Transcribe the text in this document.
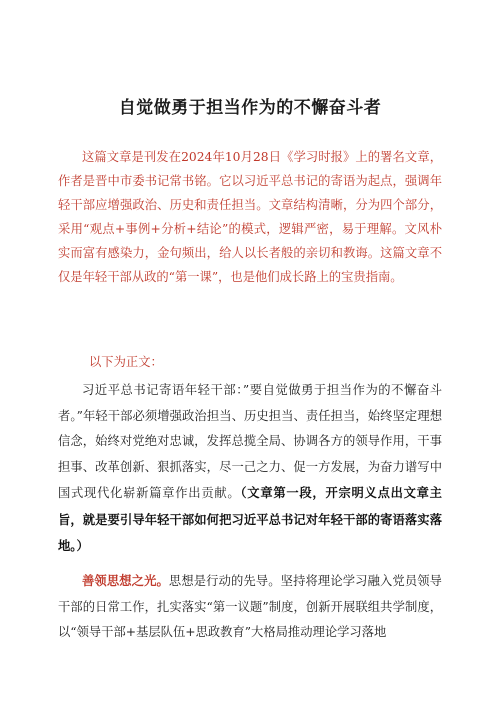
自觉做勇于担当作为的不懈奋斗者

这篇文章是刊发在2024年10月28日《学习时报》上的署名文章，作者是晋中市委书记常书铭。它以习近平总书记的寄语为起点，强调年轻干部应增强政治、历史和责任担当。文章结构清晰，分为四个部分，采用“观点+事例+分析+结论”的模式，逻辑严密，易于理解。文风朴实而富有感染力，金句频出，给人以长者般的亲切和教诲。这篇文章不仅是年轻干部从政的“第一课”，也是他们成长路上的宝贵指南。

以下为正文：

习近平总书记寄语年轻干部：”要自觉做勇于担当作为的不懈奋斗者。”年轻干部必须增强政治担当、历史担当、责任担当，始终坚定理想信念，始终对党绝对忠诚，发挥总揽全局、协调各方的领导作用，干事担事、改革创新、狠抓落实，尽一己之力、促一方发展，为奋力谱写中国式现代化崭新篇章作出贡献。（文章第一段，开宗明义点出文章主旨，就是要引导年轻干部如何把习近平总书记对年轻干部的寄语落实落地。）

善领思想之光。思想是行动的先导。坚持将理论学习融入党员领导干部的日常工作，扎实落实“第一议题”制度，创新开展联组共学制度，以“领导干部+基层队伍+思政教育”大格局推动理论学习落地
